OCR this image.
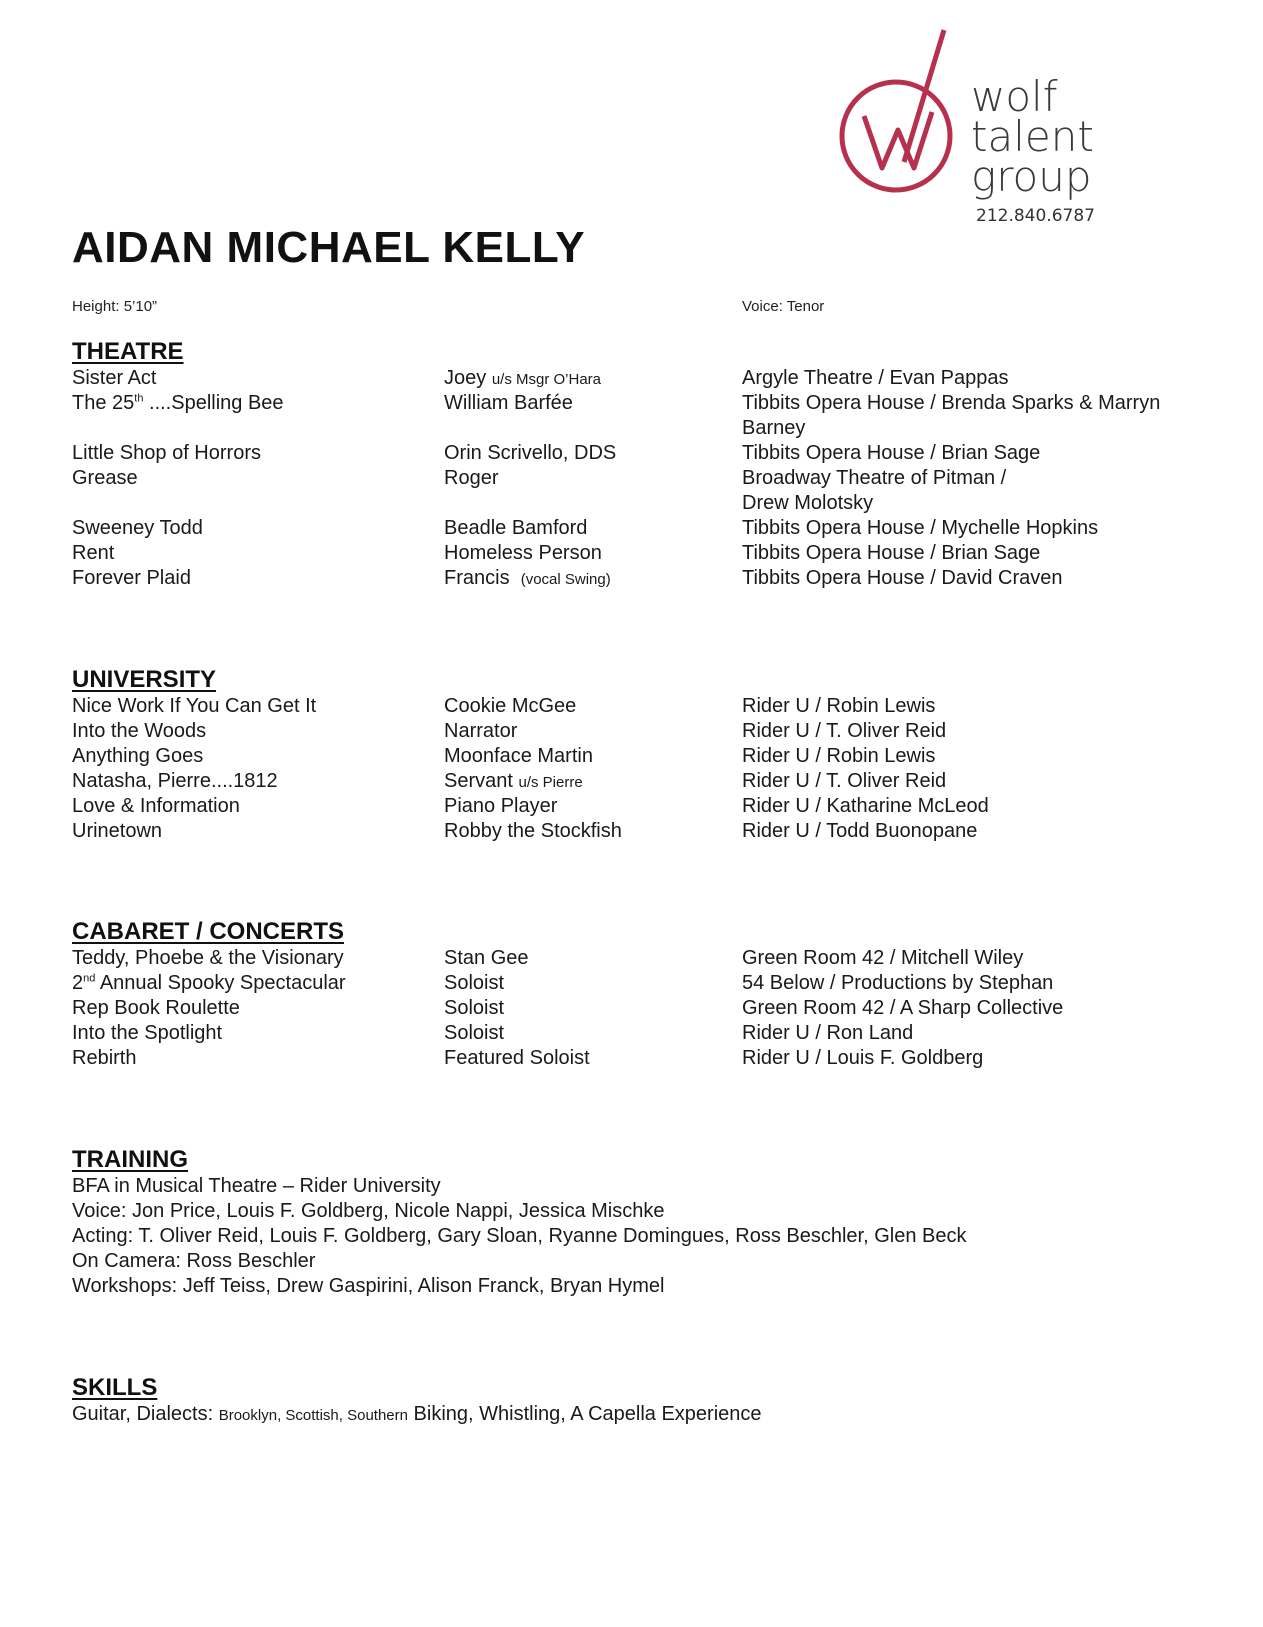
wolf
talent
group
212.840.6787
AIDAN MICHAEL KELLY
Height: 5’10”	Voice: Tenor
THEATRE
Sister Act	Joey u/s Msgr O’Hara	Argyle Theatre / Evan Pappas
The 25th ....Spelling Bee	William Barfée	Tibbits Opera House / Brenda Sparks & Marryn Barney
Little Shop of Horrors	Orin Scrivello, DDS	Tibbits Opera House / Brian Sage
Grease	Roger	Broadway Theatre of Pitman / Drew Molotsky
Sweeney Todd	Beadle Bamford	Tibbits Opera House / Mychelle Hopkins
Rent	Homeless Person	Tibbits Opera House / Brian Sage
Forever Plaid	Francis (vocal Swing)	Tibbits Opera House / David Craven
UNIVERSITY
Nice Work If You Can Get It	Cookie McGee	Rider U / Robin Lewis
Into the Woods	Narrator	Rider U / T. Oliver Reid
Anything Goes	Moonface Martin	Rider U / Robin Lewis
Natasha, Pierre....1812	Servant u/s Pierre	Rider U / T. Oliver Reid
Love & Information	Piano Player	Rider U / Katharine McLeod
Urinetown	Robby the Stockfish	Rider U / Todd Buonopane
CABARET / CONCERTS
Teddy, Phoebe & the Visionary	Stan Gee	Green Room 42 / Mitchell Wiley
2nd Annual Spooky Spectacular	Soloist	54 Below / Productions by Stephan
Rep Book Roulette	Soloist	Green Room 42 / A Sharp Collective
Into the Spotlight	Soloist	Rider U / Ron Land
Rebirth	Featured Soloist	Rider U / Louis F. Goldberg
TRAINING
BFA in Musical Theatre – Rider University
Voice: Jon Price, Louis F. Goldberg, Nicole Nappi, Jessica Mischke
Acting: T. Oliver Reid, Louis F. Goldberg, Gary Sloan, Ryanne Domingues, Ross Beschler, Glen Beck
On Camera: Ross Beschler
Workshops: Jeff Teiss, Drew Gaspirini, Alison Franck, Bryan Hymel
SKILLS
Guitar, Dialects: Brooklyn, Scottish, Southern Biking, Whistling, A Capella Experience
